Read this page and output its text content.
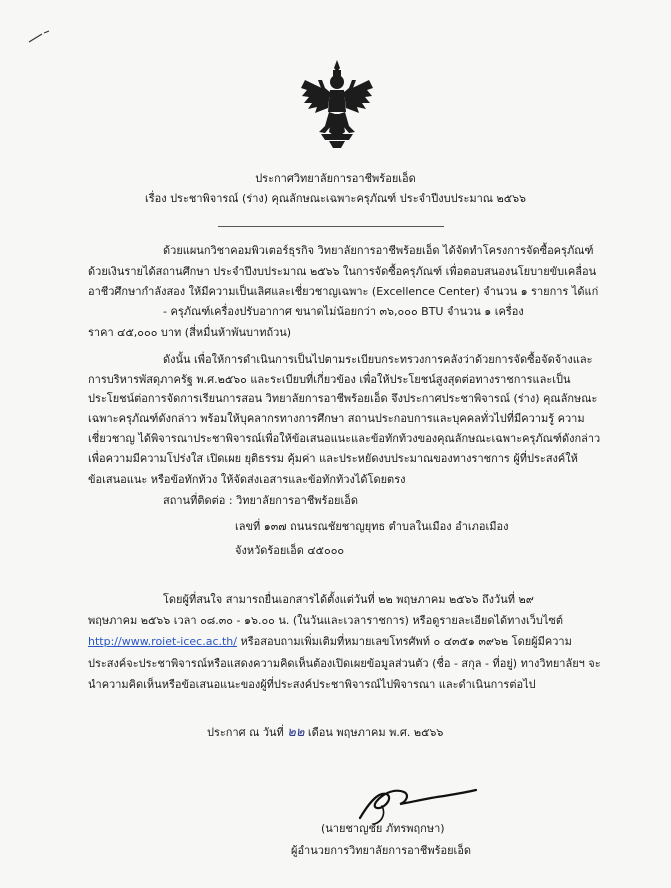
ประกาศวิทยาลัยการอาชีพร้อยเอ็ด
เรื่อง ประชาพิจารณ์ (ร่าง) คุณลักษณะเฉพาะครุภัณฑ์ ประจำปีงบประมาณ ๒๕๖๖
ด้วยแผนกวิชาคอมพิวเตอร์ธุรกิจ วิทยาลัยการอาชีพร้อยเอ็ด ได้จัดทำโครงการจัดซื้อครุภัณฑ์
ด้วยเงินรายได้สถานศึกษา ประจำปีงบประมาณ ๒๕๖๖ ในการจัดซื้อครุภัณฑ์ เพื่อตอบสนองนโยบายขับเคลื่อน
อาชีวศึกษากำลังสอง ให้มีความเป็นเลิศและเชี่ยวชาญเฉพาะ (Excellence Center) จำนวน ๑ รายการ ได้แก่
- ครุภัณฑ์เครื่องปรับอากาศ ขนาดไม่น้อยกว่า ๓๖,๐๐๐ BTU จำนวน ๑ เครื่อง
ราคา ๔๕,๐๐๐ บาท (สี่หมื่นห้าพันบาทถ้วน)
ดังนั้น เพื่อให้การดำเนินการเป็นไปตามระเบียบกระทรวงการคลังว่าด้วยการจัดซื้อจัดจ้างและ
การบริหารพัสดุภาครัฐ พ.ศ.๒๕๖๐ และระเบียบที่เกี่ยวข้อง เพื่อให้ประโยชน์สูงสุดต่อทางราชการและเป็น
ประโยชน์ต่อการจัดการเรียนการสอน วิทยาลัยการอาชีพร้อยเอ็ด จึงประกาศประชาพิจารณ์ (ร่าง) คุณลักษณะ
เฉพาะครุภัณฑ์ดังกล่าว พร้อมให้บุคลากรทางการศึกษา สถานประกอบการและบุคคลทั่วไปที่มีความรู้ ความ
เชี่ยวชาญ ได้พิจารณาประชาพิจารณ์เพื่อให้ข้อเสนอแนะและข้อทักท้วงของคุณลักษณะเฉพาะครุภัณฑ์ดังกล่าว
เพื่อความมีความโปร่งใส เปิดเผย ยุติธรรม คุ้มค่า และประหยัดงบประมาณของทางราชการ ผู้ที่ประสงค์ให้
ข้อเสนอแนะ หรือข้อทักท้วง ให้จัดส่งเอสารและข้อทักท้วงได้โดยตรง
สถานที่ติดต่อ : วิทยาลัยการอาชีพร้อยเอ็ด
เลขที่ ๑๓๗ ถนนรณชัยชาญยุทธ ตำบลในเมือง อำเภอเมือง
จังหวัดร้อยเอ็ด ๔๕๐๐๐
โดยผู้ที่สนใจ สามารถยื่นเอกสารได้ตั้งแต่วันที่ ๒๒ พฤษภาคม ๒๕๖๖ ถึงวันที่ ๒๙
พฤษภาคม ๒๕๖๖ เวลา ๐๘.๓๐ - ๑๖.๐๐ น. (ในวันและเวลาราชการ) หรือดูรายละเอียดได้ทางเว็บไซต์
http://www.roiet-icec.ac.th/ หรือสอบถามเพิ่มเติมที่หมายเลขโทรศัพท์ ๐ ๔๓๕๑ ๓๙๖๒ โดยผู้มีความ
ประสงค์จะประชาพิจารณ์หรือแสดงความคิดเห็นต้องเปิดเผยข้อมูลส่วนตัว (ชื่อ - สกุล - ที่อยู่) ทางวิทยาลัยฯ จะ
นำความคิดเห็นหรือข้อเสนอแนะของผู้ที่ประสงค์ประชาพิจารณ์ไปพิจารณา และดำเนินการต่อไป
ประกาศ ณ วันที่ ๒๒ เดือน พฤษภาคม พ.ศ. ๒๕๖๖
(นายชาญชัย ภัทรพฤกษา)
ผู้อำนวยการวิทยาลัยการอาชีพร้อยเอ็ด
